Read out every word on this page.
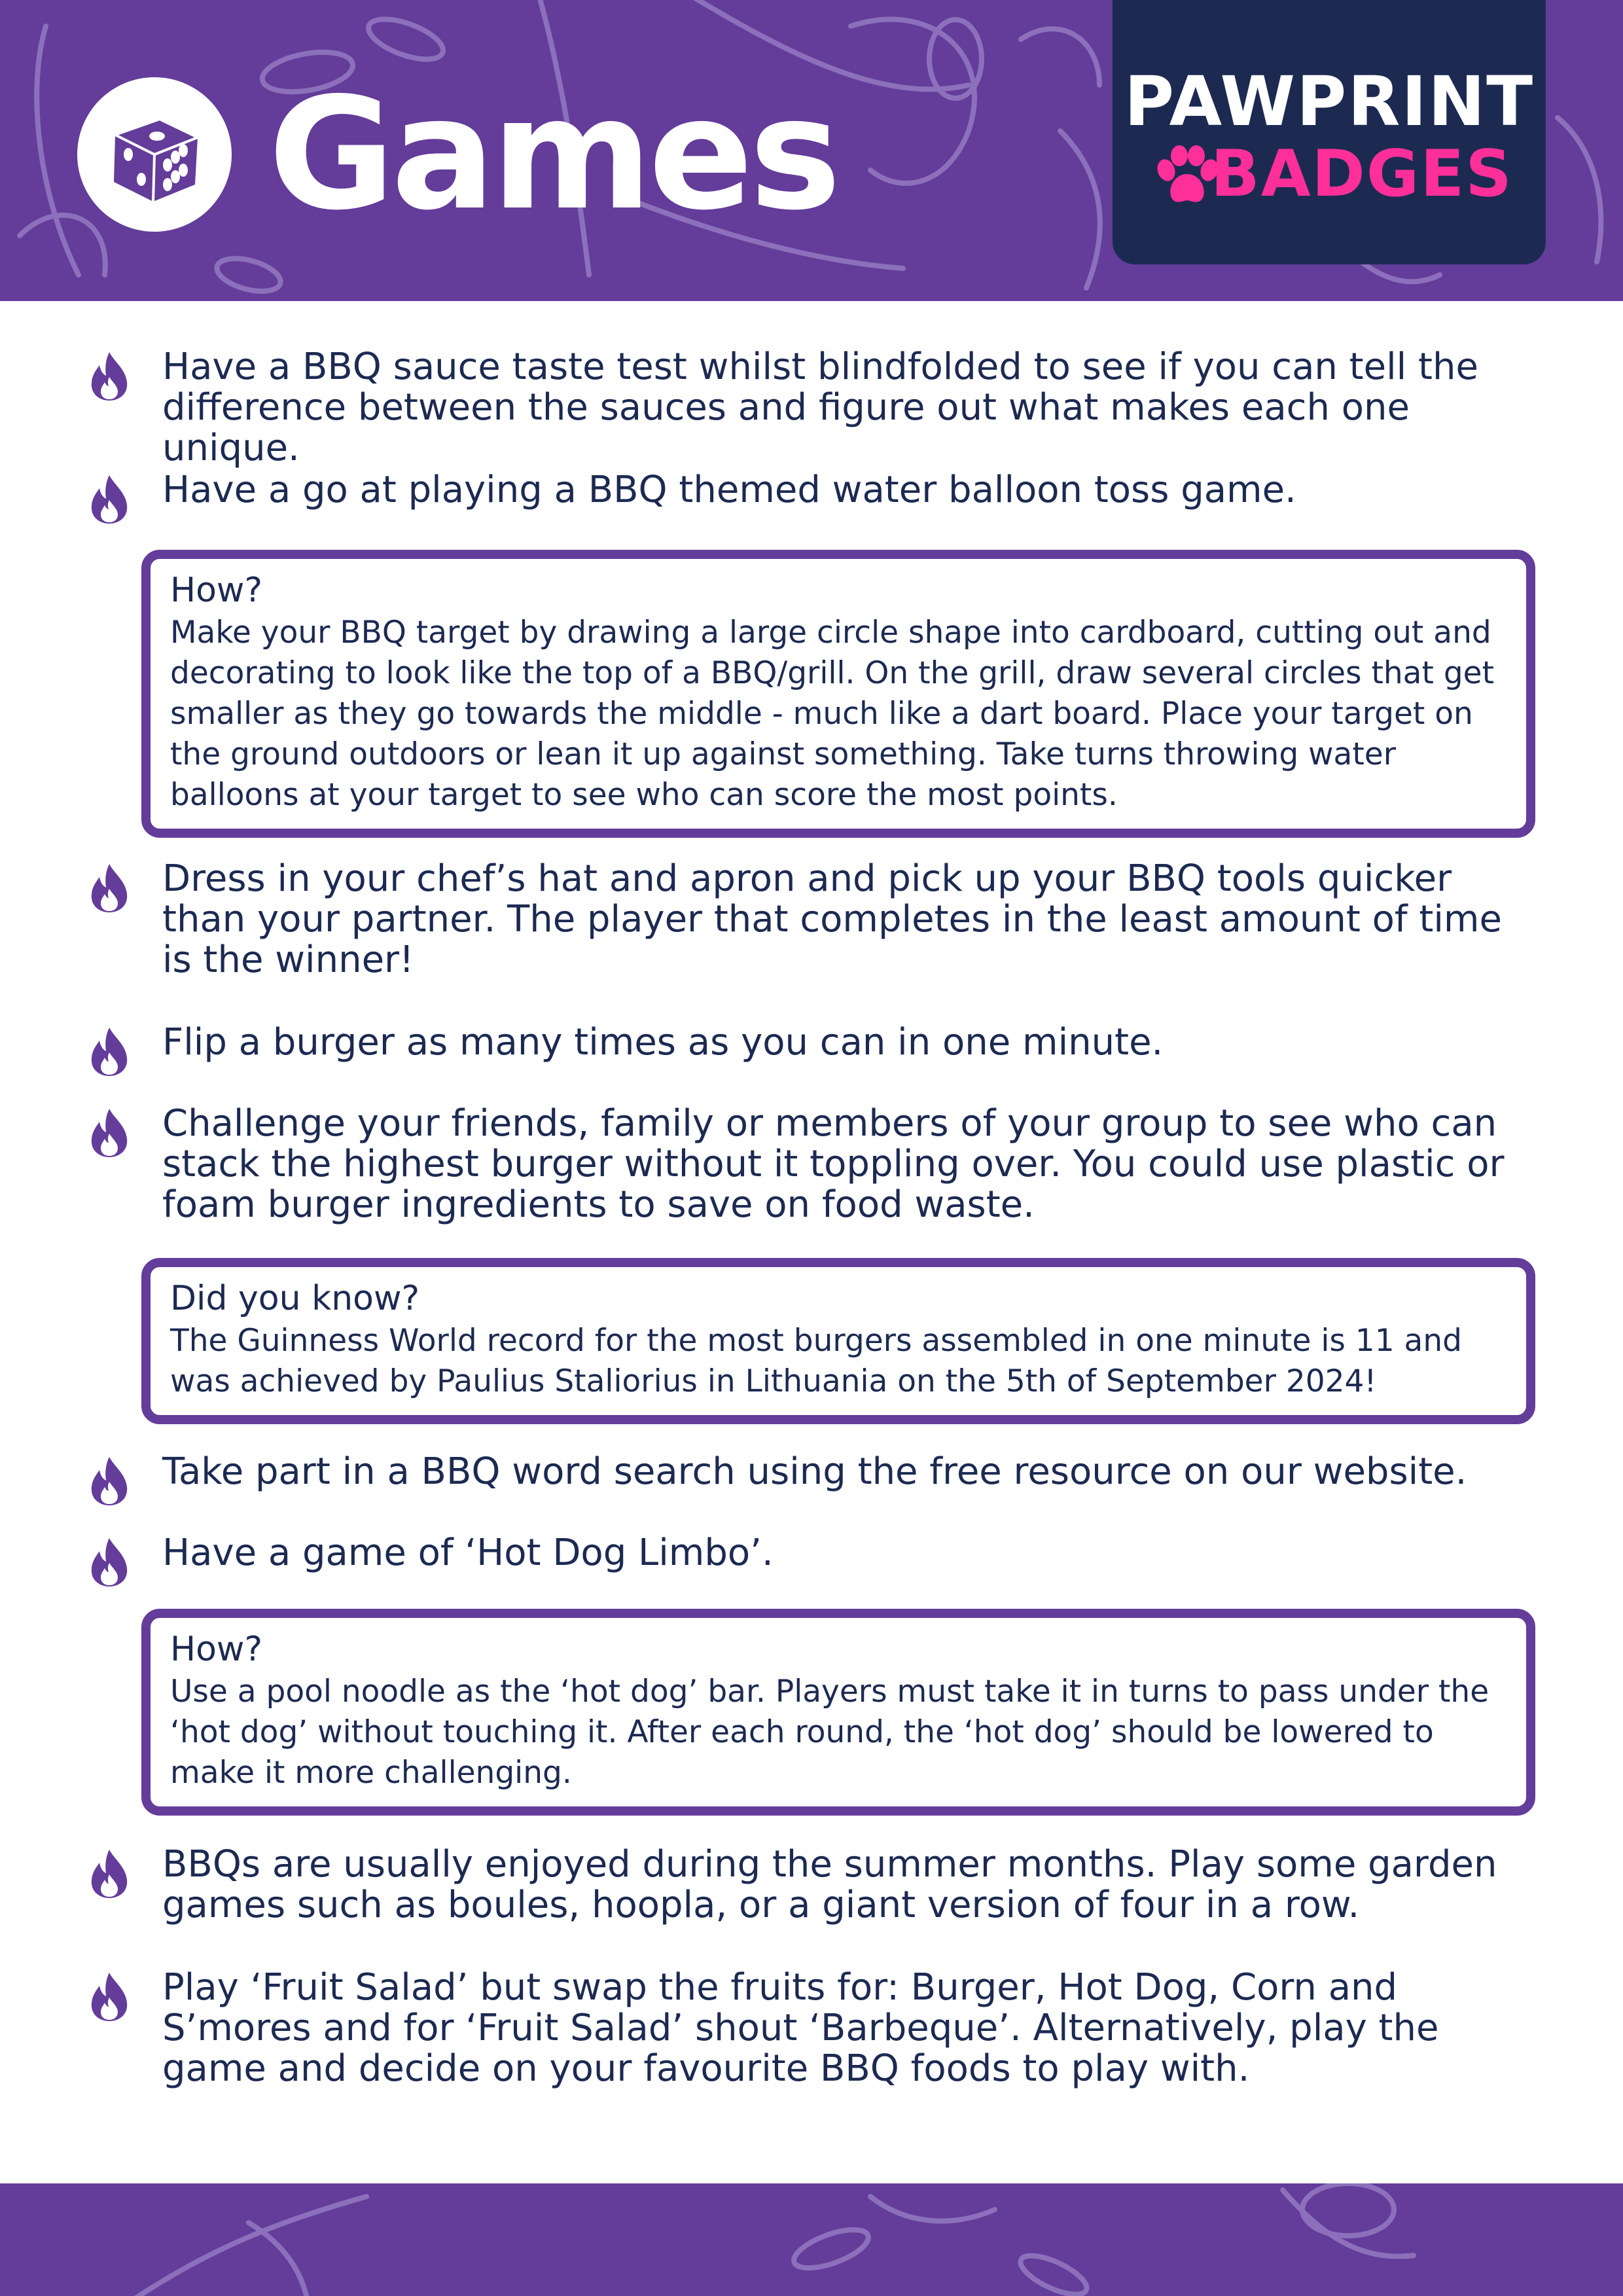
Games	PAWPRINT
BADGES
Have a BBQ sauce taste test whilst blindfolded to see if you can tell the difference between the sauces and figure out what makes each one unique.
Have a go at playing a BBQ themed water balloon toss game.
How?
Make your BBQ target by drawing a large circle shape into cardboard, cutting out and decorating to look like the top of a BBQ/grill. On the grill, draw several circles that get smaller as they go towards the middle - much like a dart board. Place your target on the ground outdoors or lean it up against something. Take turns throwing water balloons at your target to see who can score the most points.
Dress in your chef’s hat and apron and pick up your BBQ tools quicker than your partner. The player that completes in the least amount of time is the winner!
Flip a burger as many times as you can in one minute.
Challenge your friends, family or members of your group to see who can stack the highest burger without it toppling over. You could use plastic or foam burger ingredients to save on food waste.
Did you know?
The Guinness World record for the most burgers assembled in one minute is 11 and was achieved by Paulius Staliorius in Lithuania on the 5th of September 2024!
Take part in a BBQ word search using the free resource on our website.
Have a game of ‘Hot Dog Limbo’.
How?
Use a pool noodle as the ‘hot dog’ bar. Players must take it in turns to pass under the ‘hot dog’ without touching it. After each round, the ‘hot dog’ should be lowered to make it more challenging.
BBQs are usually enjoyed during the summer months. Play some garden games such as boules, hoopla, or a giant version of four in a row.
Play ‘Fruit Salad’ but swap the fruits for: Burger, Hot Dog, Corn and S’mores and for ‘Fruit Salad’ shout ‘Barbeque’. Alternatively, play the game and decide on your favourite BBQ foods to play with.
